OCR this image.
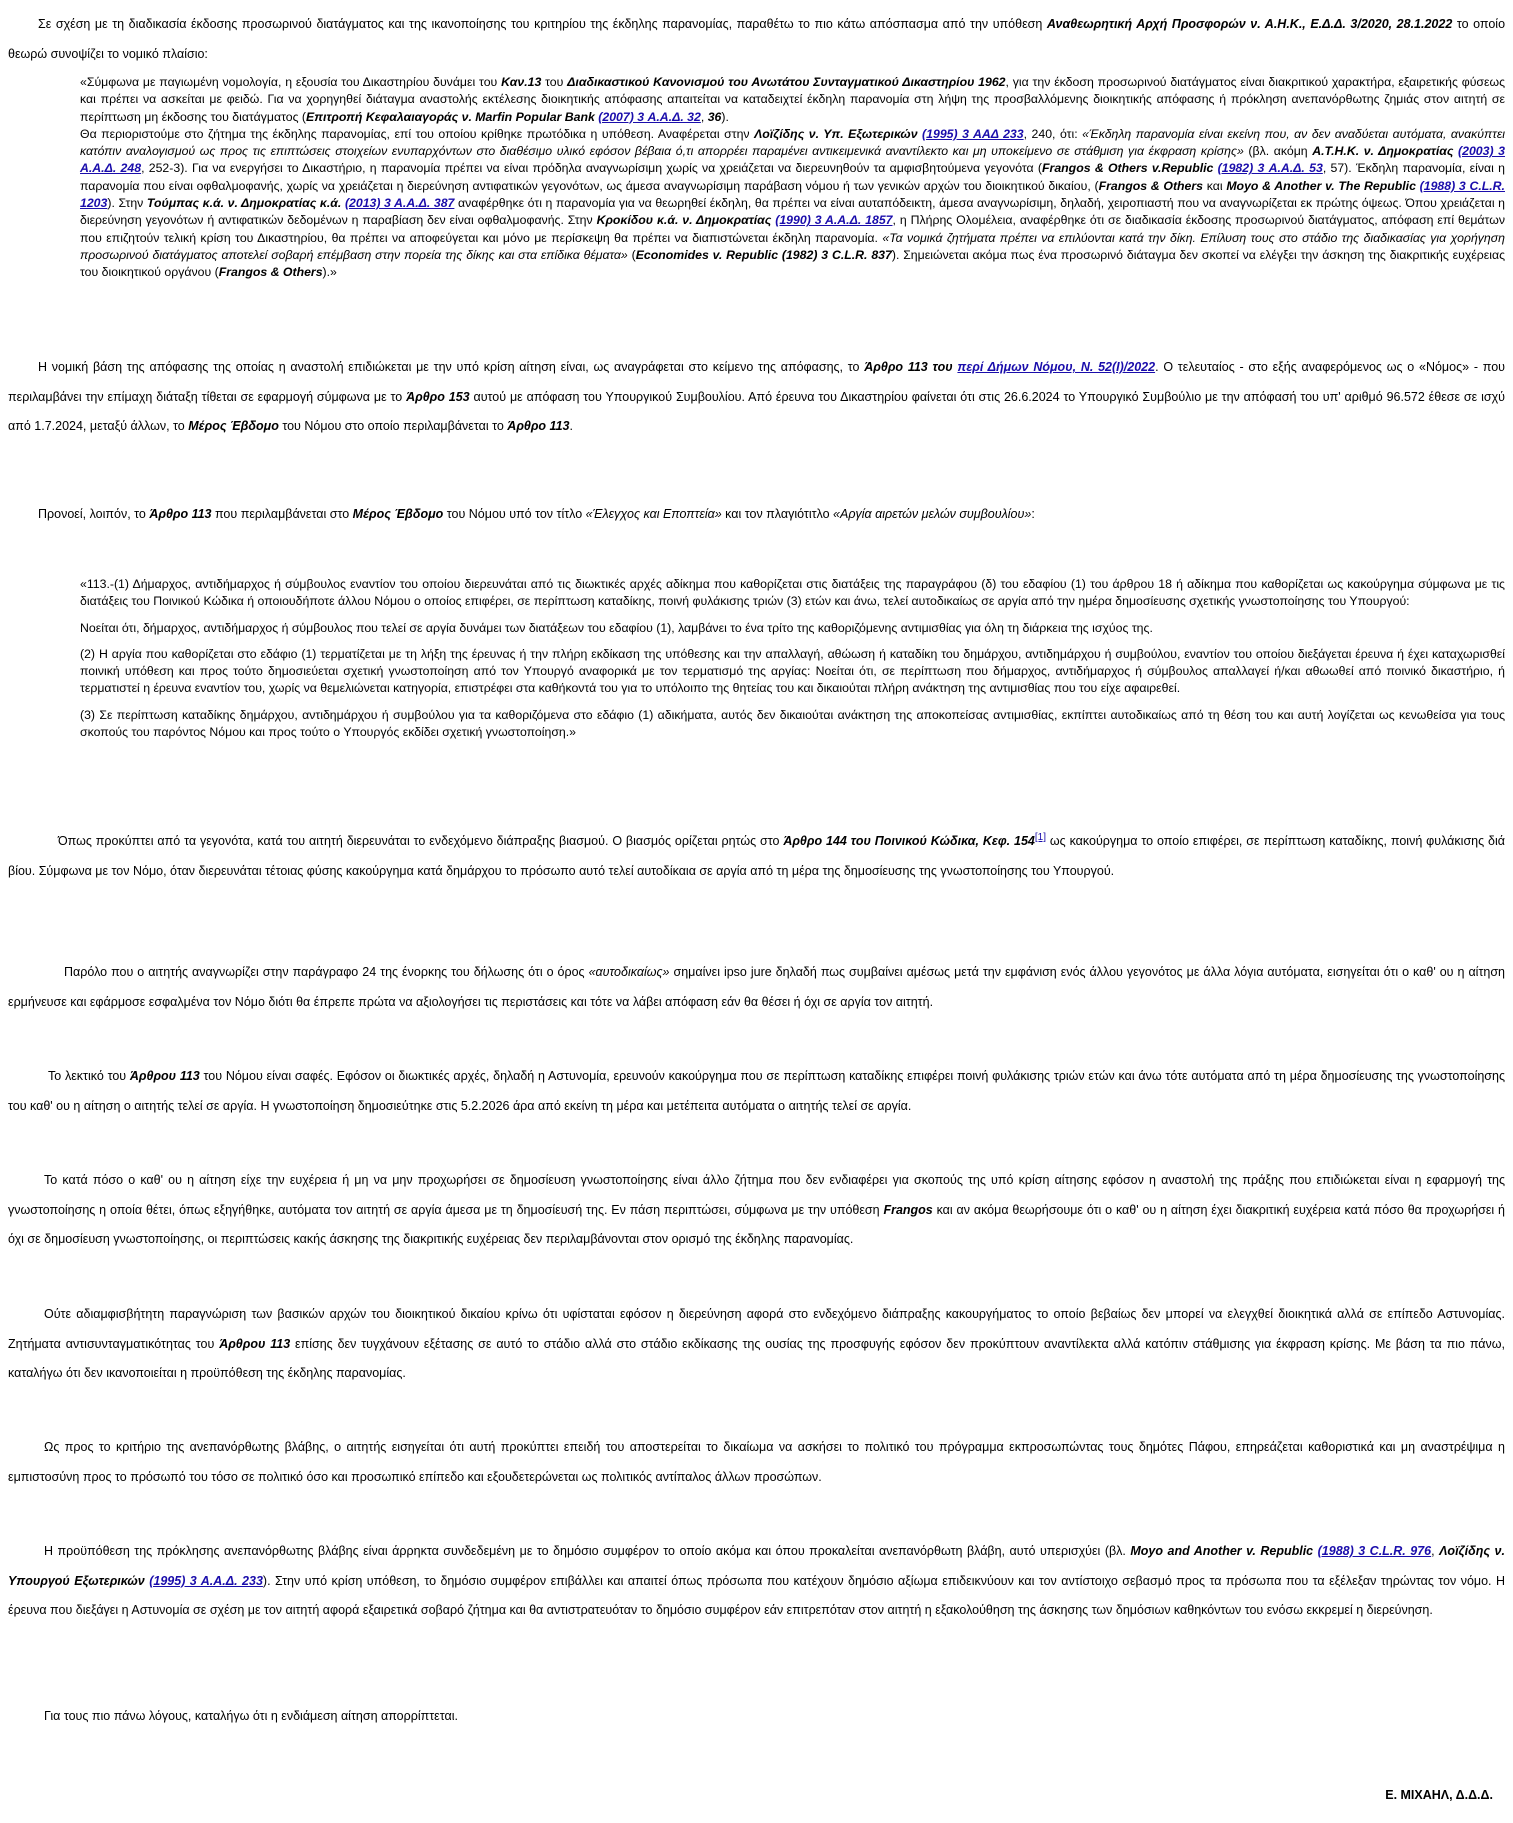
Σε σχέση με τη διαδικασία έκδοσης προσωρινού διατάγματος και της ικανοποίησης του κριτηρίου της έκδηλης παρανομίας, παραθέτω το πιο κάτω απόσπασμα από την υπόθεση Αναθεωρητική Αρχή Προσφορών ν. Α.Η.Κ., Ε.Δ.Δ. 3/2020, 28.1.2022 το οποίο θεωρώ συνοψίζει το νομικό πλαίσιο:

«Σύμφωνα με παγιωμένη νομολογία, η εξουσία του Δικαστηρίου δυνάμει του Καν.13 του Διαδικαστικού Κανονισμού του Ανωτάτου Συνταγματικού Δικαστηρίου 1962, για την έκδοση προσωρινού διατάγματος είναι διακριτικού χαρακτήρα, εξαιρετικής φύσεως και πρέπει να ασκείται με φειδώ. Για να χορηγηθεί διάταγμα αναστολής εκτέλεσης διοικητικής απόφασης απαιτείται να καταδειχτεί έκδηλη παρανομία στη λήψη της προσβαλλόμενης διοικητικής απόφασης ή πρόκληση ανεπανόρθωτης ζημιάς στον αιτητή σε περίπτωση μη έκδοσης του διατάγματος (Επιτροπή Κεφαλαιαγοράς ν. Marfin Popular Bank (2007) 3 Α.Α.Δ. 32, 36).

Θα περιοριστούμε στο ζήτημα της έκδηλης παρανομίας, επί του οποίου κρίθηκε πρωτόδικα η υπόθεση. Αναφέρεται στην Λοϊζίδης ν. Υπ. Εξωτερικών (1995) 3 ΑΑΔ 233, 240, ότι: «Έκδηλη παρανομία είναι εκείνη που, αν δεν αναδύεται αυτόματα, ανακύπτει κατόπιν αναλογισμού ως προς τις επιπτώσεις στοιχείων ενυπαρχόντων στο διαθέσιμο υλικό εφόσον βέβαια ό,τι απορρέει παραμένει αντικειμενικά αναντίλεκτο και μη υποκείμενο σε στάθμιση για έκφραση κρίσης» (βλ. ακόμη Α.Τ.Η.Κ. ν. Δημοκρατίας (2003) 3 Α.Α.Δ. 248, 252-3). Για να ενεργήσει το Δικαστήριο, η παρανομία πρέπει να είναι πρόδηλα αναγνωρίσιμη χωρίς να χρειάζεται να διερευνηθούν τα αμφισβητούμενα γεγονότα (Frangos & Others v.Republic (1982) 3 Α.Α.Δ. 53, 57). Έκδηλη παρανομία, είναι η παρανομία που είναι οφθαλμοφανής, χωρίς να χρειάζεται η διερεύνηση αντιφατικών γεγονότων, ως άμεσα αναγνωρίσιμη παράβαση νόμου ή των γενικών αρχών του διοικητικού δικαίου, (Frangos & Others και Moyo & Another v. The Republic (1988) 3 C.L.R. 1203). Στην Τούμπας κ.ά. ν. Δημοκρατίας κ.ά. (2013) 3 Α.Α.Δ. 387 αναφέρθηκε ότι η παρανομία για να θεωρηθεί έκδηλη, θα πρέπει να είναι αυταπόδεικτη, άμεσα αναγνωρίσιμη, δηλαδή, χειροπιαστή που να αναγνωρίζεται εκ πρώτης όψεως. Όπου χρειάζεται η διερεύνηση γεγονότων ή αντιφατικών δεδομένων η παραβίαση δεν είναι οφθαλμοφανής. Στην Κροκίδου κ.ά. ν. Δημοκρατίας (1990) 3 Α.Α.Δ. 1857, η Πλήρης Ολομέλεια, αναφέρθηκε ότι σε διαδικασία έκδοσης προσωρινού διατάγματος, απόφαση επί θεμάτων που επιζητούν τελική κρίση του Δικαστηρίου, θα πρέπει να αποφεύγεται και μόνο με περίσκεψη θα πρέπει να διαπιστώνεται έκδηλη παρανομία. «Τα νομικά ζητήματα πρέπει να επιλύονται κατά την δίκη. Επίλυση τους στο στάδιο της διαδικασίας για χορήγηση προσωρινού διατάγματος αποτελεί σοβαρή επέμβαση στην πορεία της δίκης και στα επίδικα θέματα» (Economides v. Republic (1982) 3 C.L.R. 837). Σημειώνεται ακόμα πως ένα προσωρινό διάταγμα δεν σκοπεί να ελέγξει την άσκηση της διακριτικής ευχέρειας του διοικητικού οργάνου (Frangos & Others).»

Η νομική βάση της απόφασης της οποίας η αναστολή επιδιώκεται με την υπό κρίση αίτηση είναι, ως αναγράφεται στο κείμενο της απόφασης, το Άρθρο 113 του περί Δήμων Νόμου, Ν. 52(Ι)/2022. Ο τελευταίος - στο εξής αναφερόμενος ως ο «Νόμος» - που περιλαμβάνει την επίμαχη διάταξη τίθεται σε εφαρμογή σύμφωνα με το Άρθρο 153 αυτού με απόφαση του Υπουργικού Συμβουλίου. Από έρευνα του Δικαστηρίου φαίνεται ότι στις 26.6.2024 το Υπουργικό Συμβούλιο με την απόφασή του υπ' αριθμό 96.572 έθεσε σε ισχύ από 1.7.2024, μεταξύ άλλων, το Μέρος Έβδομο του Νόμου στο οποίο περιλαμβάνεται το Άρθρο 113.

Προνοεί, λοιπόν, το Άρθρο 113 που περιλαμβάνεται στο Μέρος Έβδομο του Νόμου υπό τον τίτλο «Έλεγχος και Εποπτεία» και τον πλαγιότιτλο «Αργία αιρετών μελών συμβουλίου»:

«113.-(1) Δήμαρχος, αντιδήμαρχος ή σύμβουλος εναντίον του οποίου διερευνάται από τις διωκτικές αρχές αδίκημα που καθορίζεται στις διατάξεις της παραγράφου (δ) του εδαφίου (1) του άρθρου 18 ή αδίκημα που καθορίζεται ως κακούργημα σύμφωνα με τις διατάξεις του Ποινικού Κώδικα ή οποιουδήποτε άλλου Νόμου ο οποίος επιφέρει, σε περίπτωση καταδίκης, ποινή φυλάκισης τριών (3) ετών και άνω, τελεί αυτοδικαίως σε αργία από την ημέρα δημοσίευσης σχετικής γνωστοποίησης του Υπουργού:

Νοείται ότι, δήμαρχος, αντιδήμαρχος ή σύμβουλος που τελεί σε αργία δυνάμει των διατάξεων του εδαφίου (1), λαμβάνει το ένα τρίτο της καθοριζόμενης αντιμισθίας για όλη τη διάρκεια της ισχύος της.

(2) Η αργία που καθορίζεται στο εδάφιο (1) τερματίζεται με τη λήξη της έρευνας ή την πλήρη εκδίκαση της υπόθεσης και την απαλλαγή, αθώωση ή καταδίκη του δημάρχου, αντιδημάρχου ή συμβούλου, εναντίον του οποίου διεξάγεται έρευνα ή έχει καταχωρισθεί ποινική υπόθεση και προς τούτο δημοσιεύεται σχετική γνωστοποίηση από τον Υπουργό αναφορικά με τον τερματισμό της αργίας: Νοείται ότι, σε περίπτωση που δήμαρχος, αντιδήμαρχος ή σύμβουλος απαλλαγεί ή/και αθωωθεί από ποινικό δικαστήριο, ή τερματιστεί η έρευνα εναντίον του, χωρίς να θεμελιώνεται κατηγορία, επιστρέφει στα καθήκοντά του για το υπόλοιπο της θητείας του και δικαιούται πλήρη ανάκτηση της αντιμισθίας που του είχε αφαιρεθεί.

(3) Σε περίπτωση καταδίκης δημάρχου, αντιδημάρχου ή συμβούλου για τα καθοριζόμενα στο εδάφιο (1) αδικήματα, αυτός δεν δικαιούται ανάκτηση της αποκοπείσας αντιμισθίας, εκπίπτει αυτοδικαίως από τη θέση του και αυτή λογίζεται ως κενωθείσα για τους σκοπούς του παρόντος Νόμου και προς τούτο ο Υπουργός εκδίδει σχετική γνωστοποίηση.»

Όπως προκύπτει από τα γεγονότα, κατά του αιτητή διερευνάται το ενδεχόμενο διάπραξης βιασμού. Ο βιασμός ορίζεται ρητώς στο Άρθρο 144 του Ποινικού Κώδικα, Κεφ. 154[1] ως κακούργημα το οποίο επιφέρει, σε περίπτωση καταδίκης, ποινή φυλάκισης διά βίου. Σύμφωνα με τον Νόμο, όταν διερευνάται τέτοιας φύσης κακούργημα κατά δημάρχου το πρόσωπο αυτό τελεί αυτοδίκαια σε αργία από τη μέρα της δημοσίευσης της γνωστοποίησης του Υπουργού.

Παρόλο που ο αιτητής αναγνωρίζει στην παράγραφο 24 της ένορκης του δήλωσης ότι ο όρος «αυτοδικαίως» σημαίνει ipso jure δηλαδή πως συμβαίνει αμέσως μετά την εμφάνιση ενός άλλου γεγονότος με άλλα λόγια αυτόματα, εισηγείται ότι ο καθ' ου η αίτηση ερμήνευσε και εφάρμοσε εσφαλμένα τον Νόμο διότι θα έπρεπε πρώτα να αξιολογήσει τις περιστάσεις και τότε να λάβει απόφαση εάν θα θέσει ή όχι σε αργία τον αιτητή.

Το λεκτικό του Άρθρου 113 του Νόμου είναι σαφές. Εφόσον οι διωκτικές αρχές, δηλαδή η Αστυνομία, ερευνούν κακούργημα που σε περίπτωση καταδίκης επιφέρει ποινή φυλάκισης τριών ετών και άνω τότε αυτόματα από τη μέρα δημοσίευσης της γνωστοποίησης του καθ' ου η αίτηση ο αιτητής τελεί σε αργία. Η γνωστοποίηση δημοσιεύτηκε στις 5.2.2026 άρα από εκείνη τη μέρα και μετέπειτα αυτόματα ο αιτητής τελεί σε αργία.

Το κατά πόσο ο καθ' ου η αίτηση είχε την ευχέρεια ή μη να μην προχωρήσει σε δημοσίευση γνωστοποίησης είναι άλλο ζήτημα που δεν ενδιαφέρει για σκοπούς της υπό κρίση αίτησης εφόσον η αναστολή της πράξης που επιδιώκεται είναι η εφαρμογή της γνωστοποίησης η οποία θέτει, όπως εξηγήθηκε, αυτόματα τον αιτητή σε αργία άμεσα με τη δημοσίευσή της. Εν πάση περιπτώσει, σύμφωνα με την υπόθεση Frangos και αν ακόμα θεωρήσουμε ότι ο καθ' ου η αίτηση έχει διακριτική ευχέρεια κατά πόσο θα προχωρήσει ή όχι σε δημοσίευση γνωστοποίησης, οι περιπτώσεις κακής άσκησης της διακριτικής ευχέρειας δεν περιλαμβάνονται στον ορισμό της έκδηλης παρανομίας.

Ούτε αδιαμφισβήτητη παραγνώριση των βασικών αρχών του διοικητικού δικαίου κρίνω ότι υφίσταται εφόσον η διερεύνηση αφορά στο ενδεχόμενο διάπραξης κακουργήματος το οποίο βεβαίως δεν μπορεί να ελεγχθεί διοικητικά αλλά σε επίπεδο Αστυνομίας. Ζητήματα αντισυνταγματικότητας του Άρθρου 113 επίσης δεν τυγχάνουν εξέτασης σε αυτό το στάδιο αλλά στο στάδιο εκδίκασης της ουσίας της προσφυγής εφόσον δεν προκύπτουν αναντίλεκτα αλλά κατόπιν στάθμισης για έκφραση κρίσης. Με βάση τα πιο πάνω, καταλήγω ότι δεν ικανοποιείται η προϋπόθεση της έκδηλης παρανομίας.

Ως προς το κριτήριο της ανεπανόρθωτης βλάβης, ο αιτητής εισηγείται ότι αυτή προκύπτει επειδή του αποστερείται το δικαίωμα να ασκήσει το πολιτικό του πρόγραμμα εκπροσωπώντας τους δημότες Πάφου, επηρεάζεται καθοριστικά και μη αναστρέψιμα η εμπιστοσύνη προς το πρόσωπό του τόσο σε πολιτικό όσο και προσωπικό επίπεδο και εξουδετερώνεται ως πολιτικός αντίπαλος άλλων προσώπων.

Η προϋπόθεση της πρόκλησης ανεπανόρθωτης βλάβης είναι άρρηκτα συνδεδεμένη με το δημόσιο συμφέρον το οποίο ακόμα και όπου προκαλείται ανεπανόρθωτη βλάβη, αυτό υπερισχύει (βλ. Moyo and Another v. Republic (1988) 3 C.L.R. 976, Λοϊζίδης ν. Υπουργού Εξωτερικών (1995) 3 Α.Α.Δ. 233). Στην υπό κρίση υπόθεση, το δημόσιο συμφέρον επιβάλλει και απαιτεί όπως πρόσωπα που κατέχουν δημόσιο αξίωμα επιδεικνύουν και τον αντίστοιχο σεβασμό προς τα πρόσωπα που τα εξέλεξαν τηρώντας τον νόμο. Η έρευνα που διεξάγει η Αστυνομία σε σχέση με τον αιτητή αφορά εξαιρετικά σοβαρό ζήτημα και θα αντιστρατευόταν το δημόσιο συμφέρον εάν επιτρεπόταν στον αιτητή η εξακολούθηση της άσκησης των δημόσιων καθηκόντων του ενόσω εκκρεμεί η διερεύνηση.

Για τους πιο πάνω λόγους, καταλήγω ότι η ενδιάμεση αίτηση απορρίπτεται.

Ε. ΜΙΧΑΗΛ, Δ.Δ.Δ.
